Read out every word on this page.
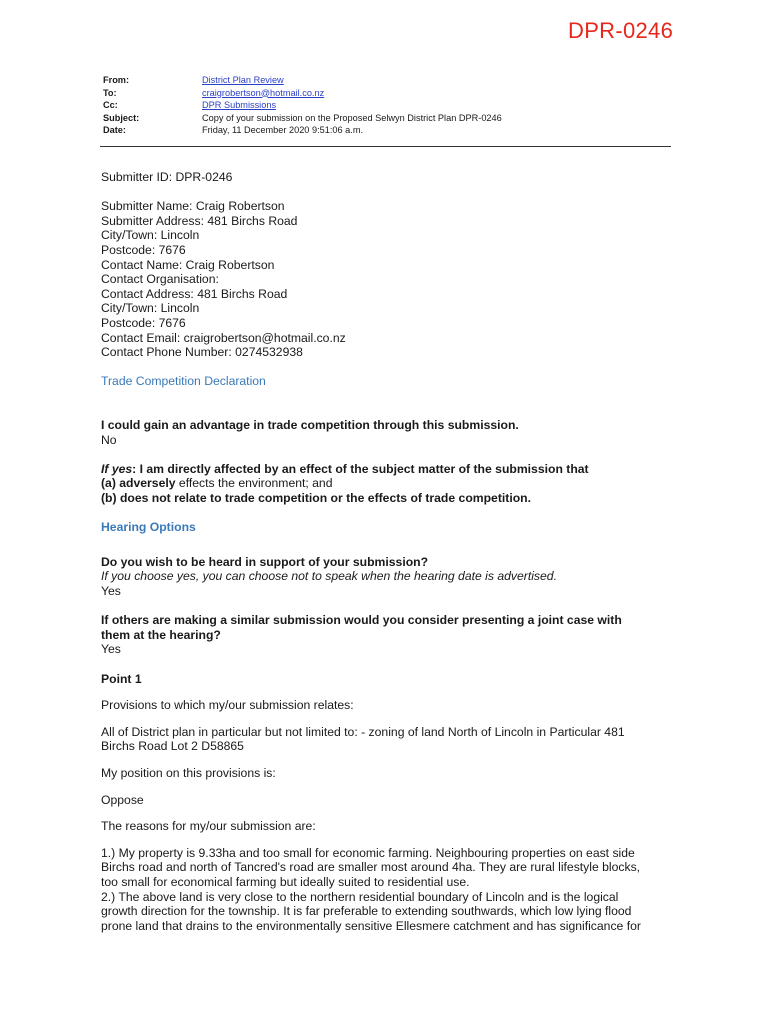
DPR-0246
From:	District Plan Review
To:	craigrobertson@hotmail.co.nz
Cc:	DPR Submissions
Subject:	Copy of your submission on the Proposed Selwyn District Plan DPR-0246
Date:	Friday, 11 December 2020 9:51:06 a.m.

Submitter ID: DPR-0246

Submitter Name: Craig Robertson

Submitter Address: 481 Birchs Road

City/Town: Lincoln

Postcode: 7676

Contact Name: Craig Robertson

Contact Organisation:

Contact Address: 481 Birchs Road

City/Town: Lincoln

Postcode: 7676

Contact Email: craigrobertson@hotmail.co.nz

Contact Phone Number: 0274532938

Trade Competition Declaration

I could gain an advantage in trade competition through this submission.

No

If yes: I am directly affected by an effect of the subject matter of the submission that

(a) adversely effects the environment; and

(b) does not relate to trade competition or the effects of trade competition.

Hearing Options

Do you wish to be heard in support of your submission?

If you choose yes, you can choose not to speak when the hearing date is advertised.

Yes

If others are making a similar submission would you consider presenting a joint case with

them at the hearing?

Yes

Point 1

Provisions to which my/our submission relates:

All of District plan in particular but not limited to: - zoning of land North of Lincoln in Particular 481

Birchs Road Lot 2 D58865

My position on this provisions is:

Oppose

The reasons for my/our submission are:

1.) My property is 9.33ha and too small for economic farming. Neighbouring properties on east side

Birchs road and north of Tancred's road are smaller most around 4ha. They are rural lifestyle blocks,

too small for economical farming but ideally suited to residential use.

2.) The above land is very close to the northern residential boundary of Lincoln and is the logical

growth direction for the township. It is far preferable to extending southwards, which low lying flood

prone land that drains to the environmentally sensitive Ellesmere catchment and has significance for
